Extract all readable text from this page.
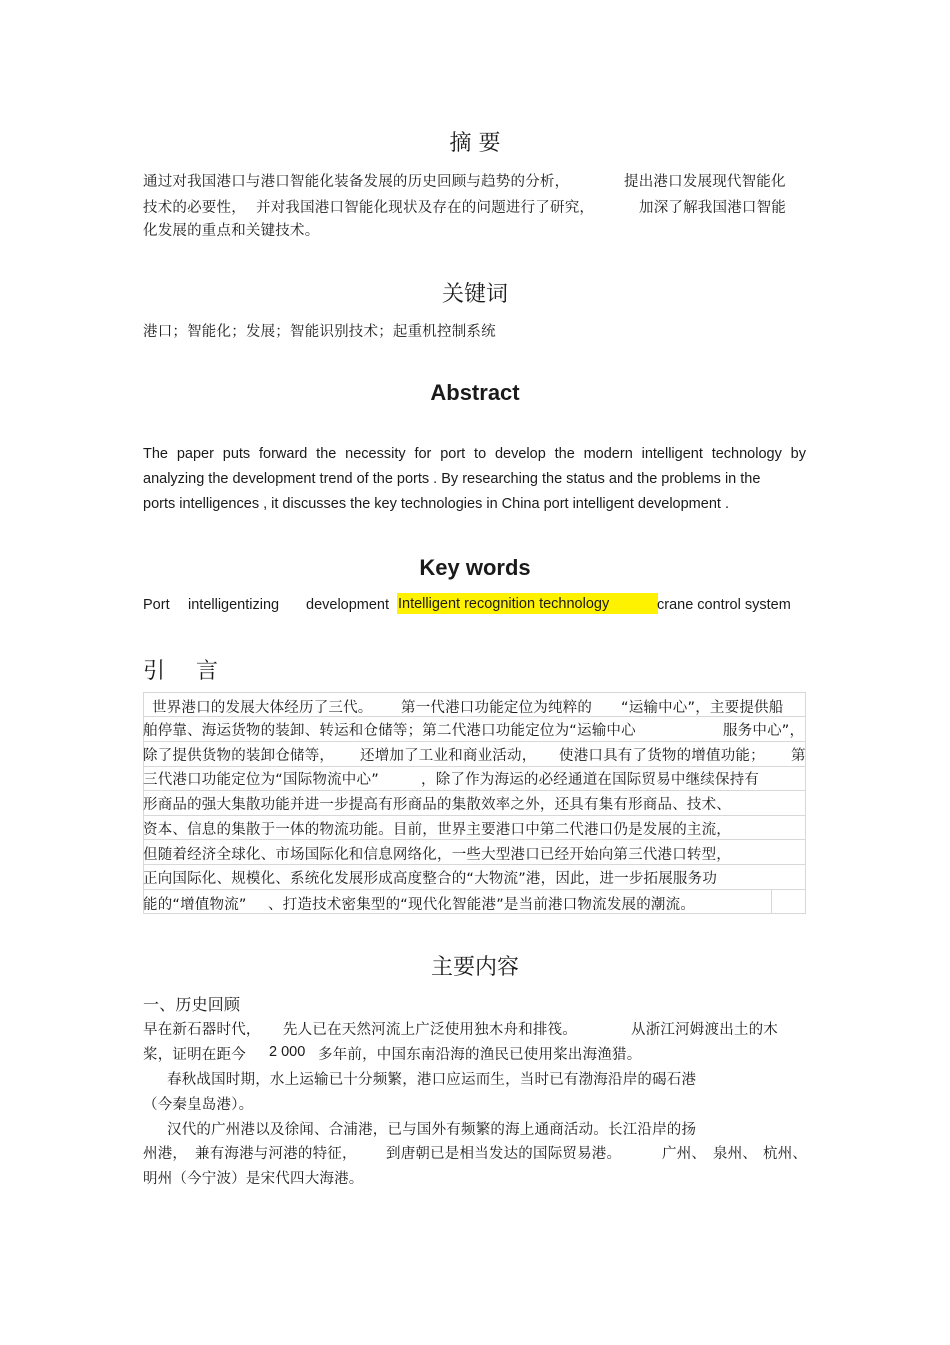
摘 要
通过对我国港口与港口智能化装备发展的历史回顾与趋势的分析，	提出港口发展现代智能化
技术的必要性， 并对我国港口智能化现状及存在的问题进行了研究，	加深了解我国港口智能
化发展的重点和关键技术。
关键词
港口；智能化；发展；智能识别技术；起重机控制系统
Abstract
The paper puts forward the necessity for port to develop the modern intelligent technology by
analyzing the development trend of the ports . By researching the status and the problems in the
ports intelligences , it discusses the key technologies in China port intelligent development .
Key words
Port intelligentizing development Intelligent recognition technology	crane control system
引 言
世界港口的发展大体经历了三代。 第一代港口功能定位为纯粹的 “运输中心”，主要提供船
舶停靠、海运货物的装卸、转运和仓储等；第二代港口功能定位为“运输中心	服务中心”，
除了提供货物的装卸仓储等， 还增加了工业和商业活动， 使港口具有了货物的增值功能； 第
三代港口功能定位为“国际物流中心”	，除了作为海运的必经通道在国际贸易中继续保持有
形商品的强大集散功能并进一步提高有形商品的集散效率之外，还具有集有形商品、技术、
资本、信息的集散于一体的物流功能。目前，世界主要港口中第二代港口仍是发展的主流，
但随着经济全球化、市场国际化和信息网络化，一些大型港口已经开始向第三代港口转型，
正向国际化、规模化、系统化发展形成高度整合的“大物流”港，因此，进一步拓展服务功
能的“增值物流” 、打造技术密集型的“现代化智能港”是当前港口物流发展的潮流。
主要内容
一、历史回顾
早在新石器时代， 先人已在天然河流上广泛使用独木舟和排筏。	从浙江河姆渡出土的木
桨，证明在距今 2 000 多年前，中国东南沿海的渔民已使用桨出海渔猎。
春秋战国时期，水上运输已十分频繁，港口应运而生，当时已有渤海沿岸的碣石港
（今秦皇岛港）。
汉代的广州港以及徐闻、合浦港，已与国外有频繁的海上通商活动。长江沿岸的扬
州港， 兼有海港与河港的特征， 到唐朝已是相当发达的国际贸易港。	广州、 泉州、 杭州、
明州（今宁波）是宋代四大海港。
